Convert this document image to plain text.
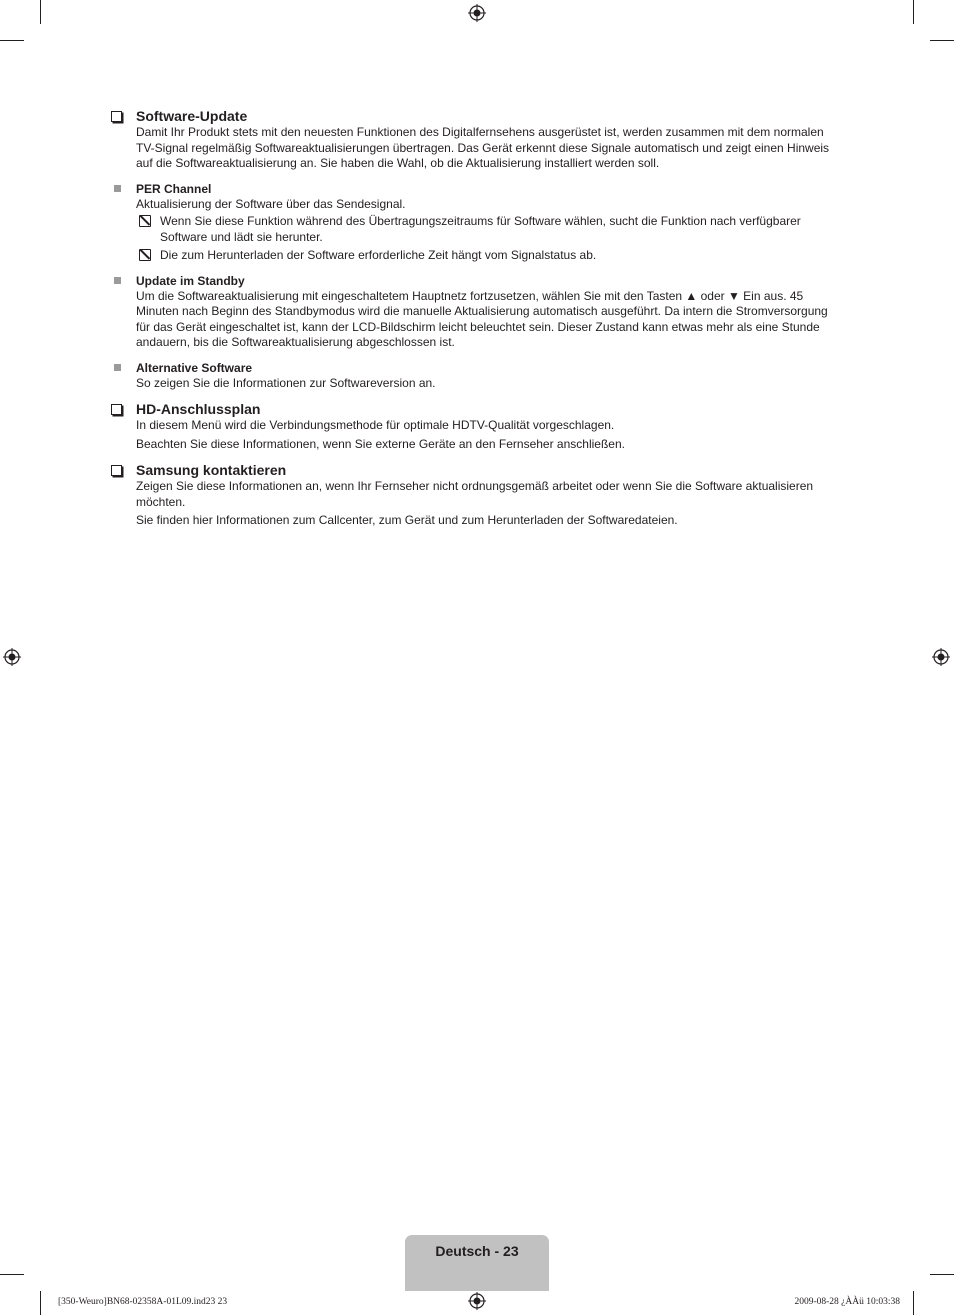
Software-Update

Damit Ihr Produkt stets mit den neuesten Funktionen des Digitalfernsehens ausgerüstet ist, werden zusammen mit dem normalen TV-Signal regelmäßig Softwareaktualisierungen übertragen. Das Gerät erkennt diese Signale automatisch und zeigt einen Hinweis auf die Softwareaktualisierung an. Sie haben die Wahl, ob die Aktualisierung installiert werden soll.

PER Channel

Aktualisierung der Software über das Sendesignal.

Wenn Sie diese Funktion während des Übertragungszeitraums für Software wählen, sucht die Funktion nach verfügbarer Software und lädt sie herunter.
Die zum Herunterladen der Software erforderliche Zeit hängt vom Signalstatus ab.
Update im Standby

Um die Softwareaktualisierung mit eingeschaltetem Hauptnetz fortzusetzen, wählen Sie mit den Tasten ▲ oder ▼ Ein aus. 45 Minuten nach Beginn des Standbymodus wird die manuelle Aktualisierung automatisch ausgeführt. Da intern die Stromversorgung für das Gerät eingeschaltet ist, kann der LCD-Bildschirm leicht beleuchtet sein. Dieser Zustand kann etwas mehr als eine Stunde andauern, bis die Softwareaktualisierung abgeschlossen ist.

Alternative Software

So zeigen Sie die Informationen zur Softwareversion an.

HD-Anschlussplan

In diesem Menü wird die Verbindungsmethode für optimale HDTV-Qualität vorgeschlagen.

Beachten Sie diese Informationen, wenn Sie externe Geräte an den Fernseher anschließen.

Samsung kontaktieren

Zeigen Sie diese Informationen an, wenn Ihr Fernseher nicht ordnungsgemäß arbeitet oder wenn Sie die Software aktualisieren möchten.

Sie finden hier Informationen zum Callcenter, zum Gerät und zum Herunterladen der Softwaredateien.

Deutsch - 23
[350-Weuro]BN68-02358A-01L09.ind23 23	2009-08-28 ¿ÀÀü 10:03:38
